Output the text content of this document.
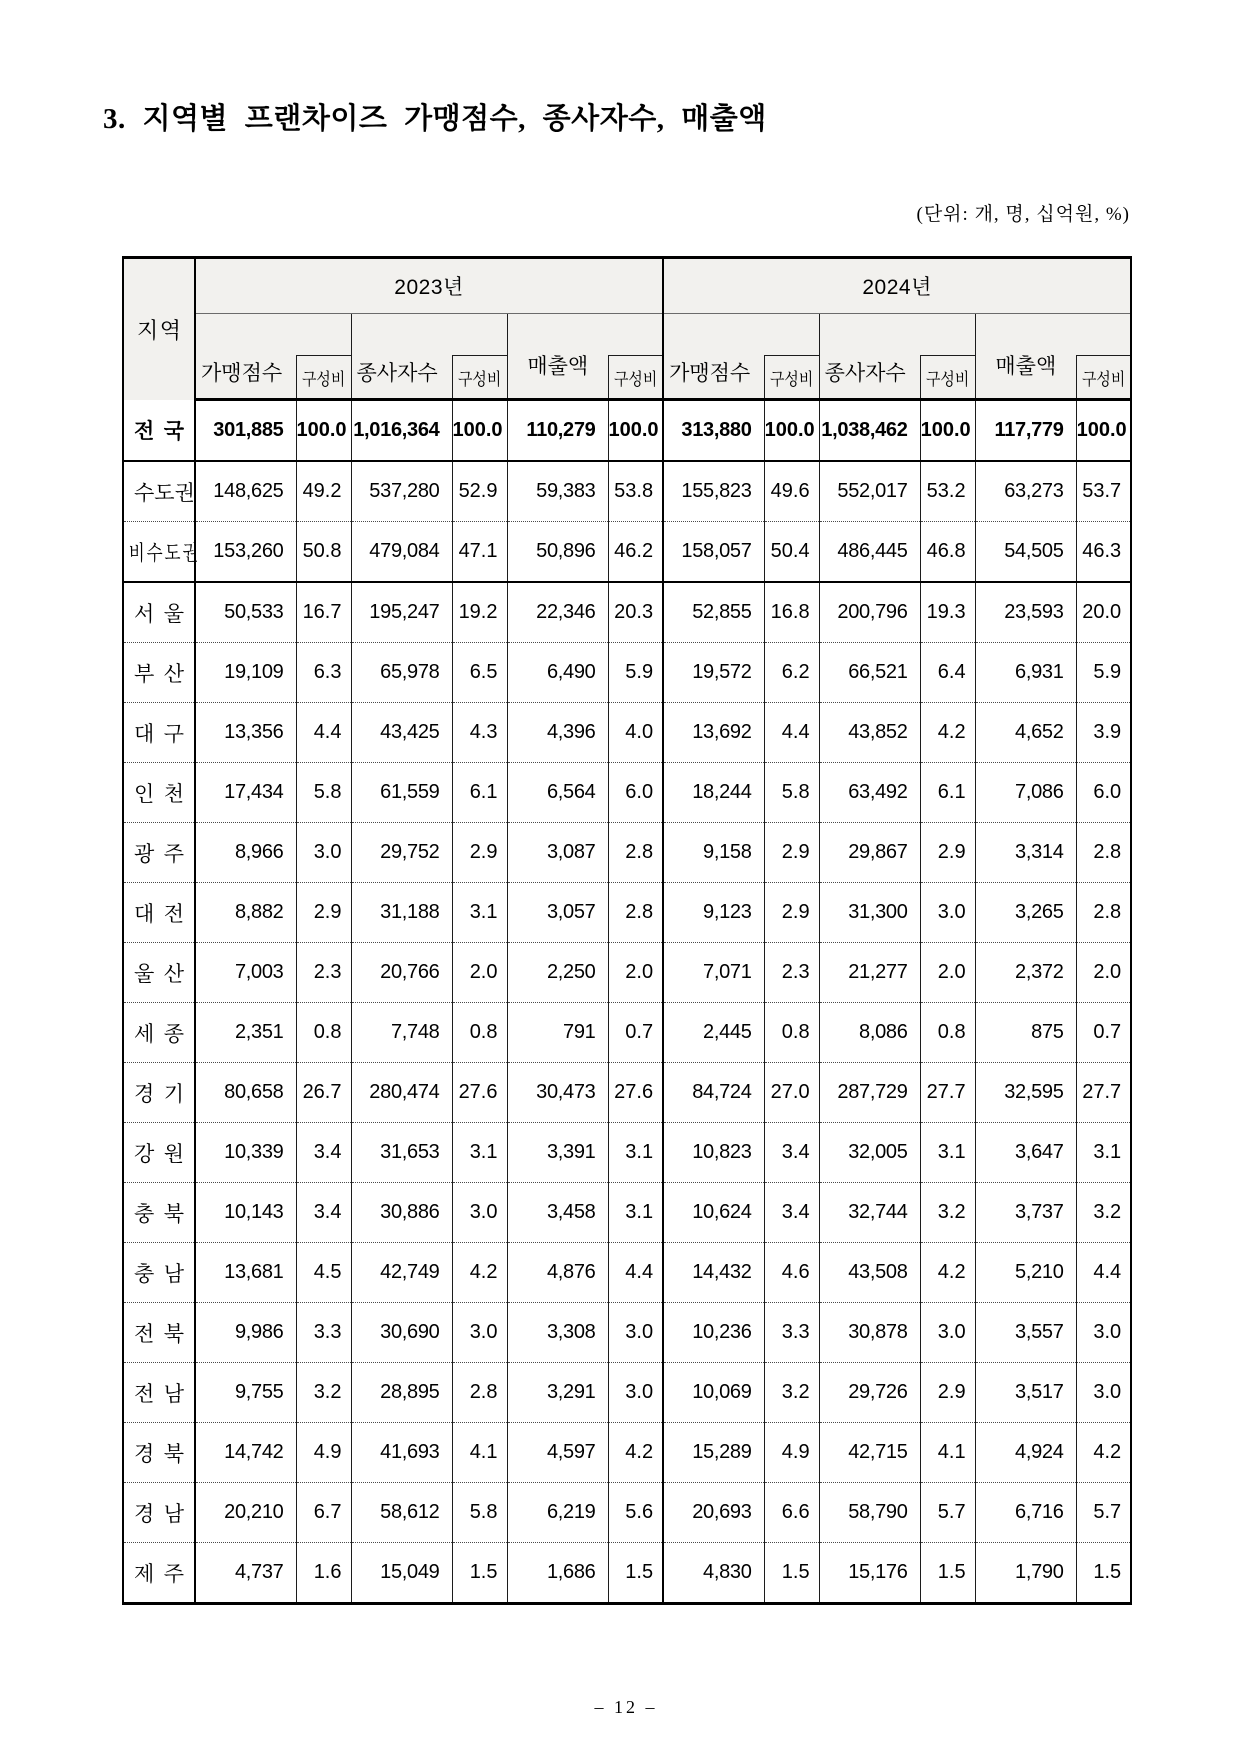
3. 지역별 프랜차이즈 가맹점수, 종사자수, 매출액
(단위: 개, 명, 십억원, %)
지 역	2023년						2024년					
	가맹점수	구성비	종사자수	구성비	매출액	구성비	가맹점수	구성비	종사자수	구성비	매출액	구성비

전 국	301,885	100.0	1,016,364	100.0	110,279	100.0	313,880	100.0	1,038,462	100.0	117,779	100.0

수 도 권	148,625	49.2	537,280	52.9	59,383	53.8	155,823	49.6	552,017	53.2	63,273	53.7

비 수 도 권	153,260	50.8	479,084	47.1	50,896	46.2	158,057	50.4	486,445	46.8	54,505	46.3

서 울	50,533	16.7	195,247	19.2	22,346	20.3	52,855	16.8	200,796	19.3	23,593	20.0

부 산	19,109	6.3	65,978	6.5	6,490	5.9	19,572	6.2	66,521	6.4	6,931	5.9

대 구	13,356	4.4	43,425	4.3	4,396	4.0	13,692	4.4	43,852	4.2	4,652	3.9

인 천	17,434	5.8	61,559	6.1	6,564	6.0	18,244	5.8	63,492	6.1	7,086	6.0

광 주	8,966	3.0	29,752	2.9	3,087	2.8	9,158	2.9	29,867	2.9	3,314	2.8

대 전	8,882	2.9	31,188	3.1	3,057	2.8	9,123	2.9	31,300	3.0	3,265	2.8

울 산	7,003	2.3	20,766	2.0	2,250	2.0	7,071	2.3	21,277	2.0	2,372	2.0

세 종	2,351	0.8	7,748	0.8	791	0.7	2,445	0.8	8,086	0.8	875	0.7

경 기	80,658	26.7	280,474	27.6	30,473	27.6	84,724	27.0	287,729	27.7	32,595	27.7

강 원	10,339	3.4	31,653	3.1	3,391	3.1	10,823	3.4	32,005	3.1	3,647	3.1

충 북	10,143	3.4	30,886	3.0	3,458	3.1	10,624	3.4	32,744	3.2	3,737	3.2

충 남	13,681	4.5	42,749	4.2	4,876	4.4	14,432	4.6	43,508	4.2	5,210	4.4

전 북	9,986	3.3	30,690	3.0	3,308	3.0	10,236	3.3	30,878	3.0	3,557	3.0

전 남	9,755	3.2	28,895	2.8	3,291	3.0	10,069	3.2	29,726	2.9	3,517	3.0

경 북	14,742	4.9	41,693	4.1	4,597	4.2	15,289	4.9	42,715	4.1	4,924	4.2

경 남	20,210	6.7	58,612	5.8	6,219	5.6	20,693	6.6	58,790	5.7	6,716	5.7

제 주	4,737	1.6	15,049	1.5	1,686	1.5	4,830	1.5	15,176	1.5	1,790	1.5
– 12 –
